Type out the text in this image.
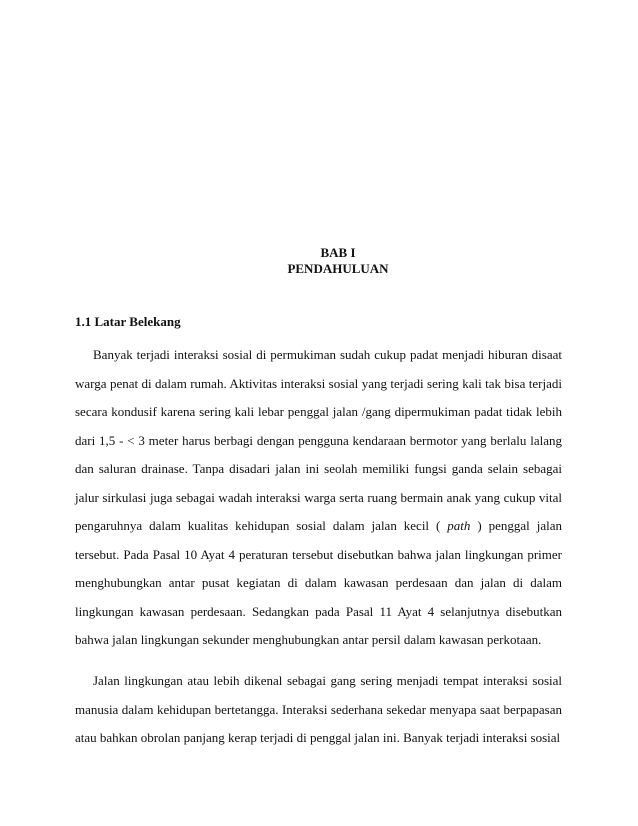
BAB I
PENDAHULUAN
1.1 Latar Belekang

Banyak terjadi interaksi sosial di permukiman sudah cukup padat menjadi hiburan disaat warga penat di dalam rumah. Aktivitas interaksi sosial yang terjadi sering kali tak bisa terjadi secara kondusif karena sering kali lebar penggal jalan /gang dipermukiman padat tidak lebih dari 1,5 - < 3 meter harus berbagi dengan pengguna kendaraan bermotor yang berlalu lalang dan saluran drainase. Tanpa disadari jalan ini seolah memiliki fungsi ganda selain sebagai jalur sirkulasi juga sebagai wadah interaksi warga serta ruang bermain anak yang cukup vital pengaruhnya dalam kualitas kehidupan sosial dalam jalan kecil ( path ) penggal jalan tersebut. Pada Pasal 10 Ayat 4 peraturan tersebut disebutkan bahwa jalan lingkungan primer menghubungkan antar pusat kegiatan di dalam kawasan perdesaan dan jalan di dalam lingkungan kawasan perdesaan. Sedangkan pada Pasal 11 Ayat 4 selanjutnya disebutkan bahwa jalan lingkungan sekunder menghubungkan antar persil dalam kawasan perkotaan.

Jalan lingkungan atau lebih dikenal sebagai gang sering menjadi tempat interaksi sosial manusia dalam kehidupan bertetangga. Interaksi sederhana sekedar menyapa saat berpapasan atau bahkan obrolan panjang kerap terjadi di penggal jalan ini. Banyak terjadi interaksi sosial
